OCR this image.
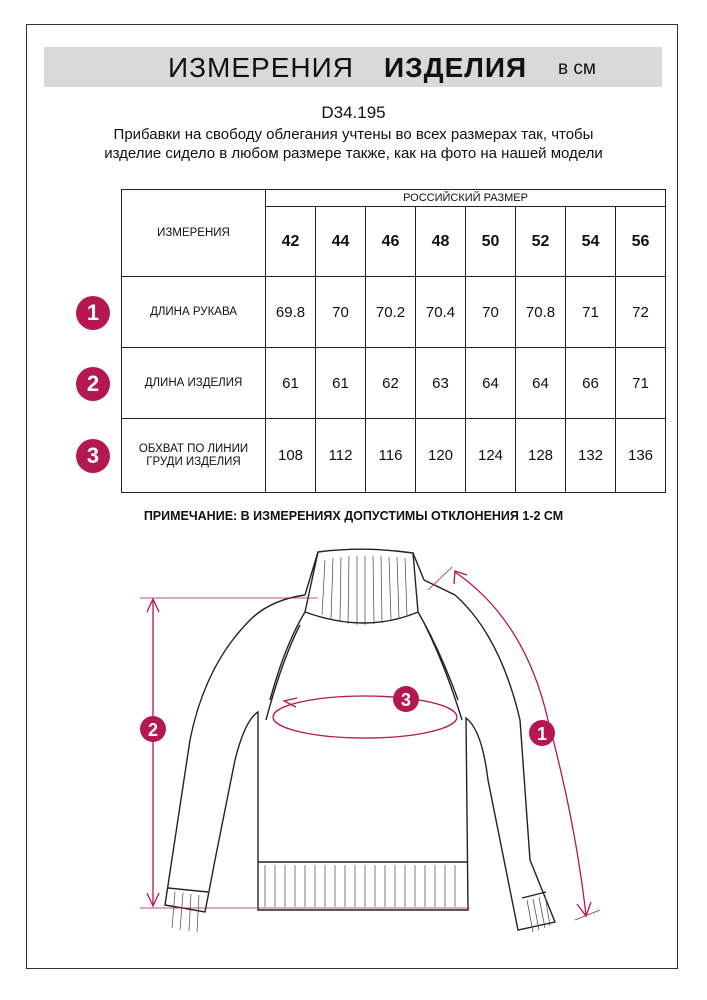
ИЗМЕРЕНИЯ ИЗДЕЛИЯ в см
D34.195
Прибавки на свободу облегания учтены во всех размерах так, чтобы изделие сидело в любом размере также, как на фото на нашей модели
ИЗМЕРЕНИЯ	РОССИЙСКИЙ РАЗМЕР							
	42	44	46	48	50	52	54	56
ДЛИНА РУКАВА	69.8	70	70.2	70.4	70	70.8	71	72
ДЛИНА ИЗДЕЛИЯ	61	61	62	63	64	64	66	71
ОБХВАТ ПО ЛИНИИ ГРУДИ ИЗДЕЛИЯ	108	112	116	120	124	128	132	136
1
2
3
ПРИМЕЧАНИЕ: В ИЗМЕРЕНИЯХ ДОПУСТИМЫ ОТКЛОНЕНИЯ 1-2 СМ
1
2
3
